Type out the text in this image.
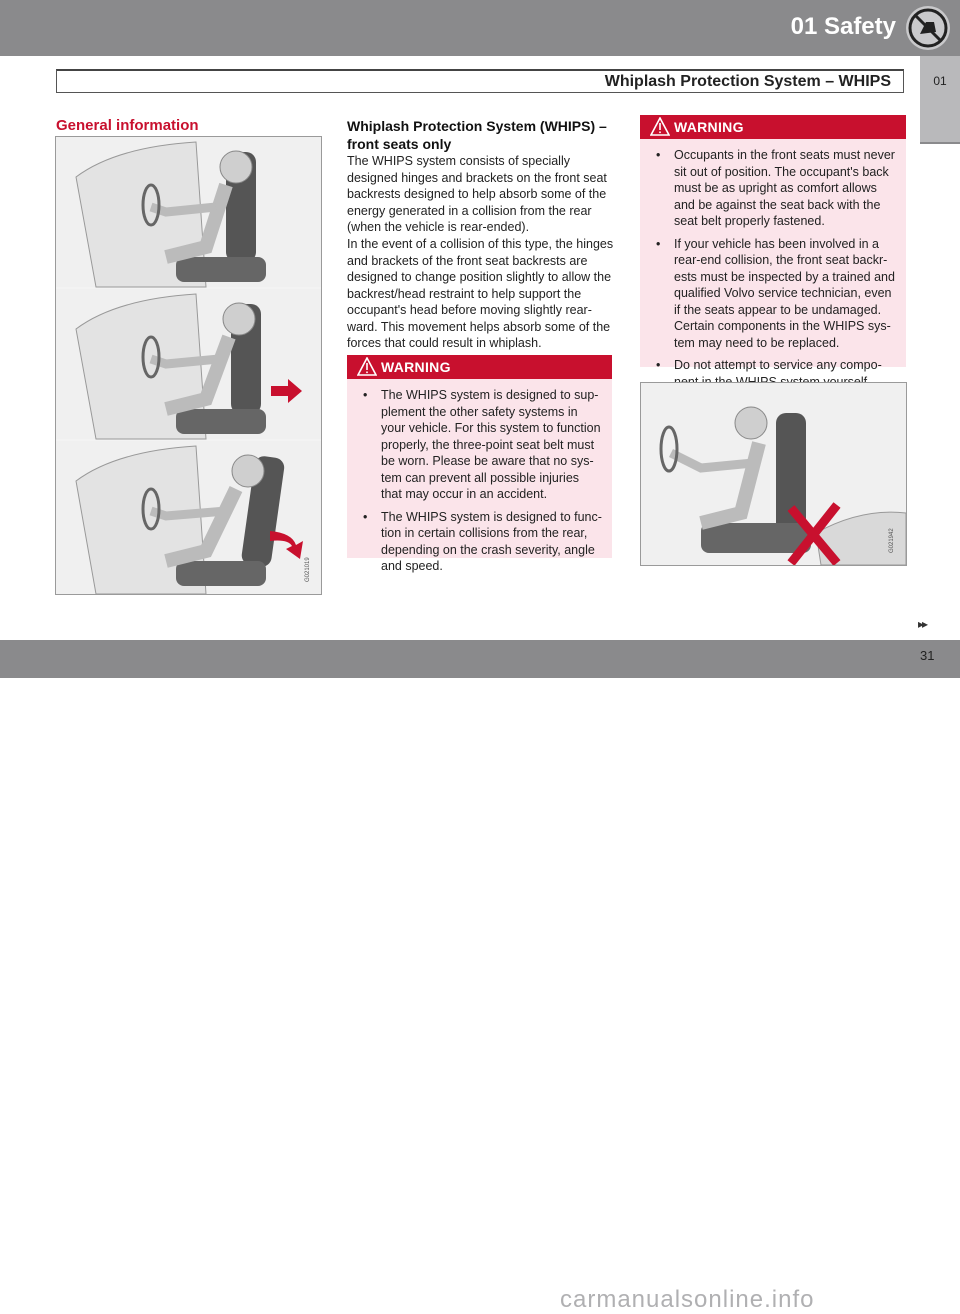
01 Safety
Whiplash Protection System – WHIPS	01
General information
G021019
Whiplash Protection System (WHIPS) – front seats only
The WHIPS system consists of specially designed hinges and brackets on the front seat backrests designed to help absorb some of the energy generated in a collision from the rear (when the vehicle is rear-ended).
In the event of a collision of this type, the hinges and brackets of the front seat backrests are designed to change position slightly to allow the backrest/head restraint to help support the occupant's head before moving slightly rear-ward. This movement helps absorb some of the forces that could result in whiplash.
WARNING
• The WHIPS system is designed to sup-plement the other safety systems in your vehicle. For this system to function properly, the three-point seat belt must be worn. Please be aware that no sys-tem can prevent all possible injuries that may occur in an accident.
• The WHIPS system is designed to func-tion in certain collisions from the rear, depending on the crash severity, angle and speed.
WARNING
• Occupants in the front seats must never sit out of position. The occupant's back must be as upright as comfort allows and be against the seat back with the seat belt properly fastened.
• If your vehicle has been involved in a rear-end collision, the front seat backr-ests must be inspected by a trained and qualified Volvo service technician, even if the seats appear to be undamaged. Certain components in the WHIPS sys-tem may need to be replaced.
• Do not attempt to service any compo-
G021942
carmanualsonline.info
▸▸
31
